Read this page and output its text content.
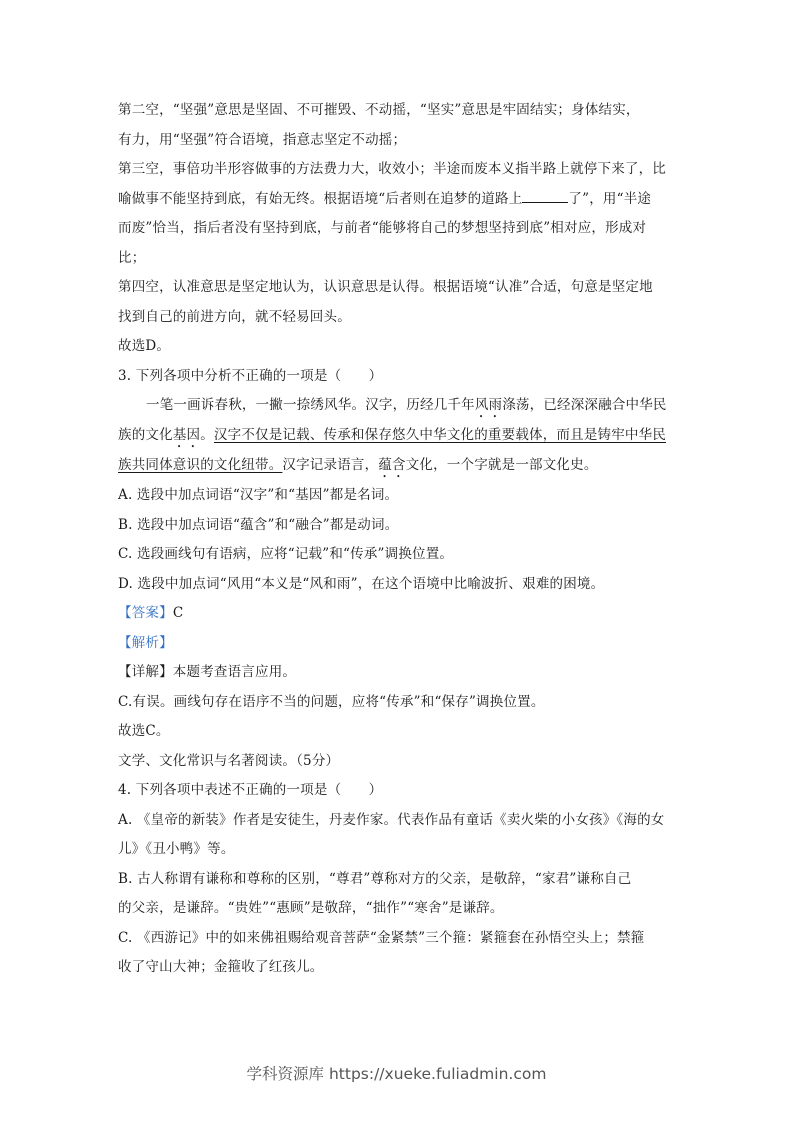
第二空，“坚强”意思是坚固、不可摧毁、不动摇，“坚实”意思是牢固结实；身体结实，

有力，用“坚强”符合语境，指意志坚定不动摇；

第三空，事倍功半形容做事的方法费力大，收效小；半途而废本义指半路上就停下来了，比

喻做事不能坚持到底，有始无终。根据语境“后者则在追梦的道路上	了”，用“半途

而废”恰当，指后者没有坚持到底，与前者“能够将自己的梦想坚持到底”相对应，形成对

比；

第四空，认准意思是坚定地认为，认识意思是认得。根据语境“认准”合适，句意是坚定地

找到自己的前进方向，就不轻易回头。

故选D。

3. 下列各项中分析不正确的一项是（　　）

一笔一画诉春秋，一撇一捺绣风华。汉字，历经几千年风雨涤荡，已经深深融合中华民

族的文化基因。汉字不仅是记载、传承和保存悠久中华文化的重要载体，而且是铸牢中华民

族共同体意识的文化纽带。汉字记录语言，蕴含文化，一个字就是一部文化史。

A. 选段中加点词语“汉字”和“基因”都是名词。

B. 选段中加点词语“蕴含”和“融合”都是动词。

C. 选段画线句有语病，应将“记载”和“传承”调换位置。

D. 选段中加点词“风用“本义是“风和雨”，在这个语境中比喻波折、艰难的困境。

【答案】C

【解析】

【详解】本题考查语言应用。

C.有误。画线句存在语序不当的问题，应将“传承”和“保存”调换位置。

故选C。

文学、文化常识与名著阅读。（5分）

4. 下列各项中表述不正确的一项是（　　）

A. 《皇帝的新装》作者是安徒生，丹麦作家。代表作品有童话《卖火柴的小女孩》《海的女

儿》《丑小鸭》等。

B. 古人称谓有谦称和尊称的区别，“尊君”尊称对方的父亲，是敬辞，“家君”谦称自己

的父亲，是谦辞。“贵姓”“惠顾”是敬辞，“拙作”“寒舍”是谦辞。

C. 《西游记》中的如来佛祖赐给观音菩萨“金紧禁”三个箍：紧箍套在孙悟空头上；禁箍

收了守山大神；金箍收了红孩儿。

学科资源库 https://xueke.fuliadmin.com
